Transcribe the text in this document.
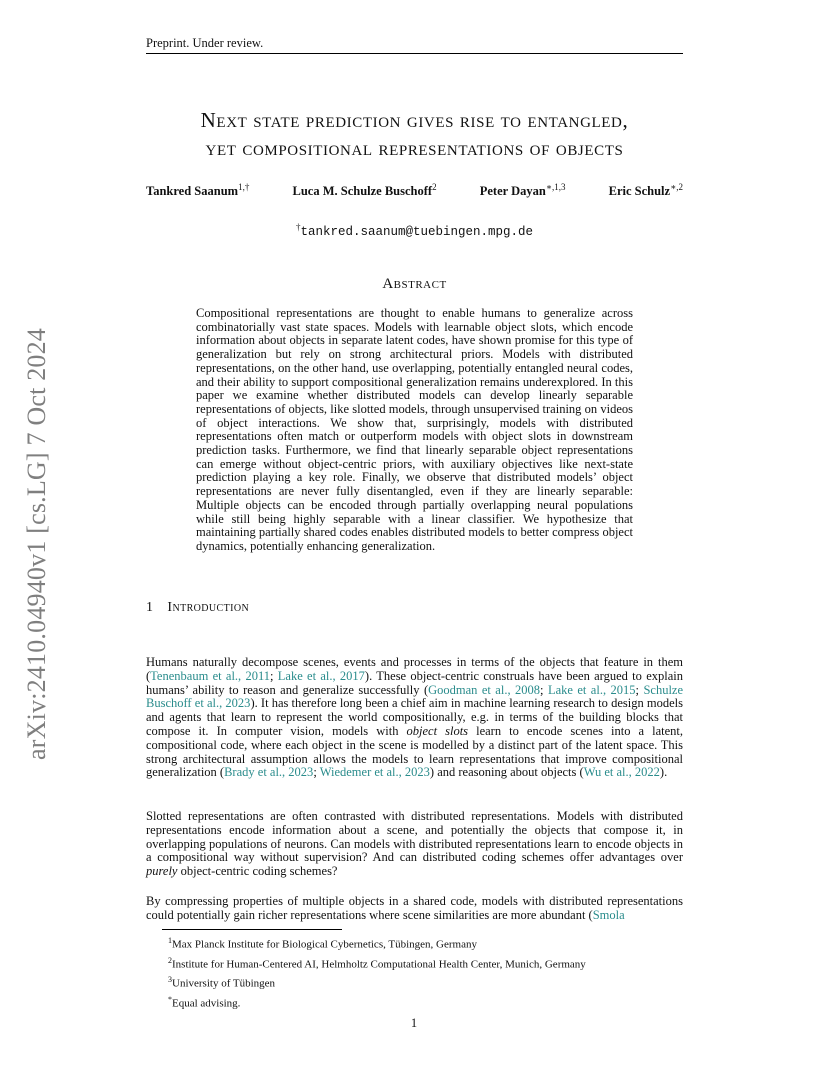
Preprint. Under review.
arXiv:2410.04940v1 [cs.LG] 7 Oct 2024
Next state prediction gives rise to entangled,
yet compositional representations of objects
Tankred Saanum$^{1,\dagger}$	Luca M. Schulze Buschoff$^2$	Peter Dayan$^{∗,1,3}$	Eric Schulz$^{∗,2}$
†tankred.saanum@tuebingen.mpg.de
Abstract
Compositional representations are thought to enable humans to generalize across combinatorially vast state spaces. Models with learnable object slots, which encode information about objects in separate latent codes, have shown promise for this type of generalization but rely on strong architectural priors. Models with distributed representations, on the other hand, use overlapping, potentially entangled neural codes, and their ability to support compositional generalization remains underexplored. In this paper we examine whether distributed models can develop linearly separable representations of objects, like slotted models, through unsupervised training on videos of object interactions. We show that, surprisingly, models with distributed representations often match or outperform models with object slots in downstream prediction tasks. Furthermore, we find that linearly separable object representations can emerge without object-centric priors, with auxiliary objectives like next-state prediction playing a key role. Finally, we observe that distributed models’ object representations are never fully disentangled, even if they are linearly separable: Multiple objects can be encoded through partially overlapping neural populations while still being highly separable with a linear classifier. We hypothesize that maintaining partially shared codes enables distributed models to better compress object dynamics, potentially enhancing generalization.
1 Introduction
Humans naturally decompose scenes, events and processes in terms of the objects that feature in them (Tenenbaum et al., 2011; Lake et al., 2017). These object-centric construals have been argued to explain humans’ ability to reason and generalize successfully (Goodman et al., 2008; Lake et al., 2015; Schulze Buschoff et al., 2023). It has therefore long been a chief aim in machine learning research to design models and agents that learn to represent the world compositionally, e.g. in terms of the building blocks that compose it. In computer vision, models with object slots learn to encode scenes into a latent, compositional code, where each object in the scene is modelled by a distinct part of the latent space. This strong architectural assumption allows the models to learn representations that improve compositional generalization (Brady et al., 2023; Wiedemer et al., 2023) and reasoning about objects (Wu et al., 2022).
Slotted representations are often contrasted with distributed representations. Models with distributed representations encode information about a scene, and potentially the objects that compose it, in overlapping populations of neurons. Can models with distributed representations learn to encode objects in a compositional way without supervision? And can distributed coding schemes offer advantages over purely object-centric coding schemes?
By compressing properties of multiple objects in a shared code, models with distributed representations could potentially gain richer representations where scene similarities are more abundant (Smola
$^1$Max Planck Institute for Biological Cybernetics, Tübingen, Germany
$^2$Institute for Human-Centered AI, Helmholtz Computational Health Center, Munich, Germany
$^3$University of Tübingen
*Equal advising.
1
